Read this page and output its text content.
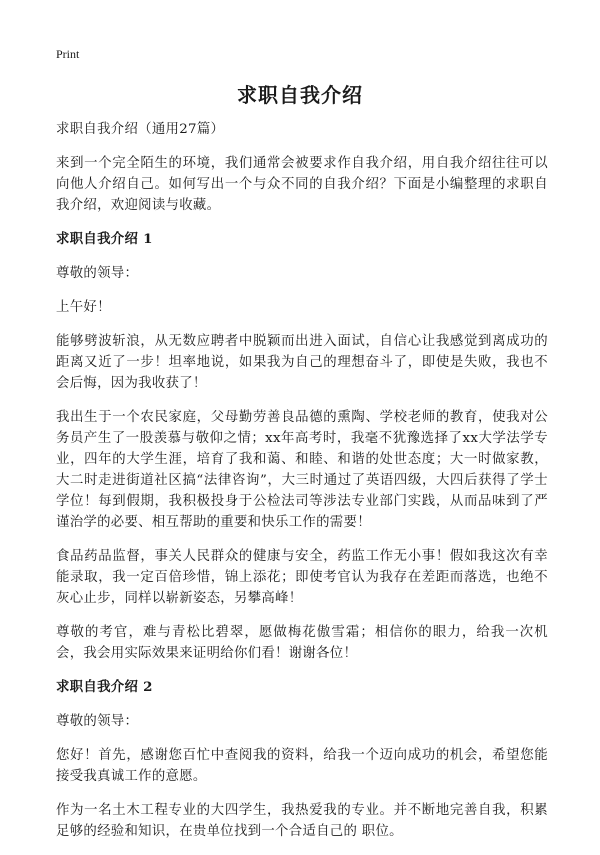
Print
求职自我介绍

求职自我介绍（通用27篇）

来到一个完全陌生的环境，我们通常会被要求作自我介绍，用自我介绍往往可以向他人介绍自己。如何写出一个与众不同的自我介绍？下面是小编整理的求职自我介绍，欢迎阅读与收藏。

求职自我介绍 1

尊敬的领导：

上午好！

能够劈波斩浪，从无数应聘者中脱颖而出进入面试，自信心让我感觉到离成功的距离又近了一步！坦率地说，如果我为自己的理想奋斗了，即使是失败，我也不会后悔，因为我收获了！

我出生于一个农民家庭，父母勤劳善良品德的熏陶、学校老师的教育，使我对公务员产生了一股羡慕与敬仰之情；xx年高考时，我毫不犹豫选择了xx大学法学专业，四年的大学生涯，培育了我和蔼、和睦、和谐的处世态度；大一时做家教，大二时走进街道社区搞“法律咨询”，大三时通过了英语四级，大四后获得了学士学位！每到假期，我积极投身于公检法司等涉法专业部门实践，从而品味到了严谨治学的必要、相互帮助的重要和快乐工作的需要！

食品药品监督，事关人民群众的健康与安全，药监工作无小事！假如我这次有幸能录取，我一定百倍珍惜，锦上添花；即使考官认为我存在差距而落选，也绝不灰心止步，同样以崭新姿态，另攀高峰！

尊敬的考官，难与青松比碧翠，愿做梅花傲雪霜；相信你的眼力，给我一次机会，我会用实际效果来证明给你们看！谢谢各位！

求职自我介绍 2

尊敬的领导：

您好！首先，感谢您百忙中查阅我的资料，给我一个迈向成功的机会，希望您能接受我真诚工作的意愿。

作为一名土木工程专业的大四学生，我热爱我的专业。并不断地完善自我，积累足够的经验和知识，在贵单位找到一个合适自己的 职位。
